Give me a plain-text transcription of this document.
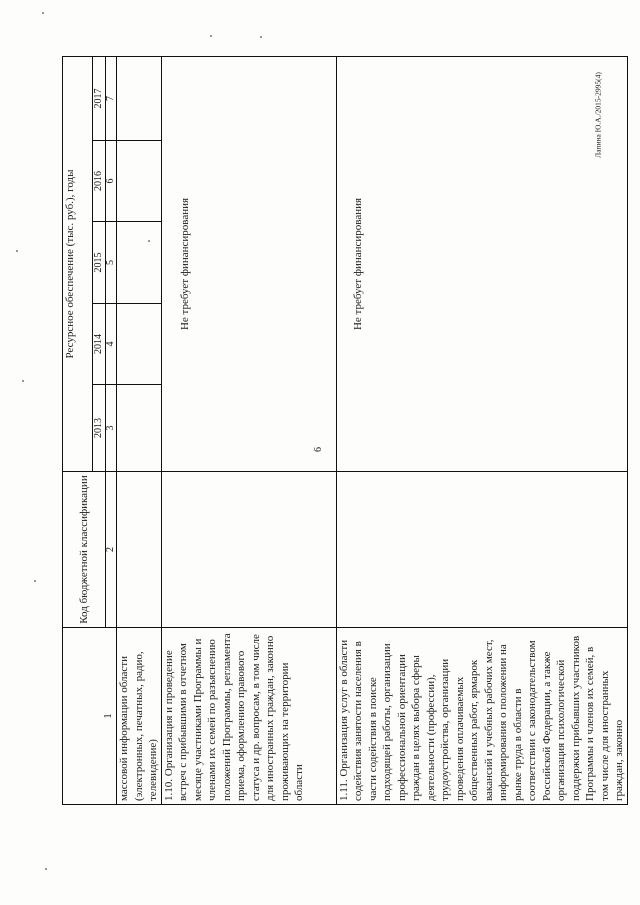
6
Лапина Ю.А./2015-2995(4)
1	Код бюджетной классификации	Ресурсное обеспечение (тыс. руб.), годы				
		2013	2014	2015	2016	2017
	2	3	4	5	6	7
массовой информации области (электронных, печатных, радио, телевидение)						
1.10. Организация и проведение встреч с прибывшими в отчетном месяце участниками Программы и членами их семей по разъяснению положений Программы, регламента приема, оформлению правового статуса и др. вопросам, в том числе для иностранных граждан, законно проживающих на территории области		Не требует финансирования				
1.11. Организация услуг в области содействия занятости населения в части содействия в поиске подходящей работы, организации профессиональной ориентации граждан в целях выбора сферы деятельности (профессии), трудоустройства, организации проведения оплачиваемых общественных работ, ярмарок вакансий и учебных рабочих мест, информирования о положении на рынке труда в области в соответствии с законодательством Российской Федерации, а также организация психологической поддержки прибывших участников Программы и членов их семей, в том числе для иностранных граждан, законно		Не требует финансирования				
